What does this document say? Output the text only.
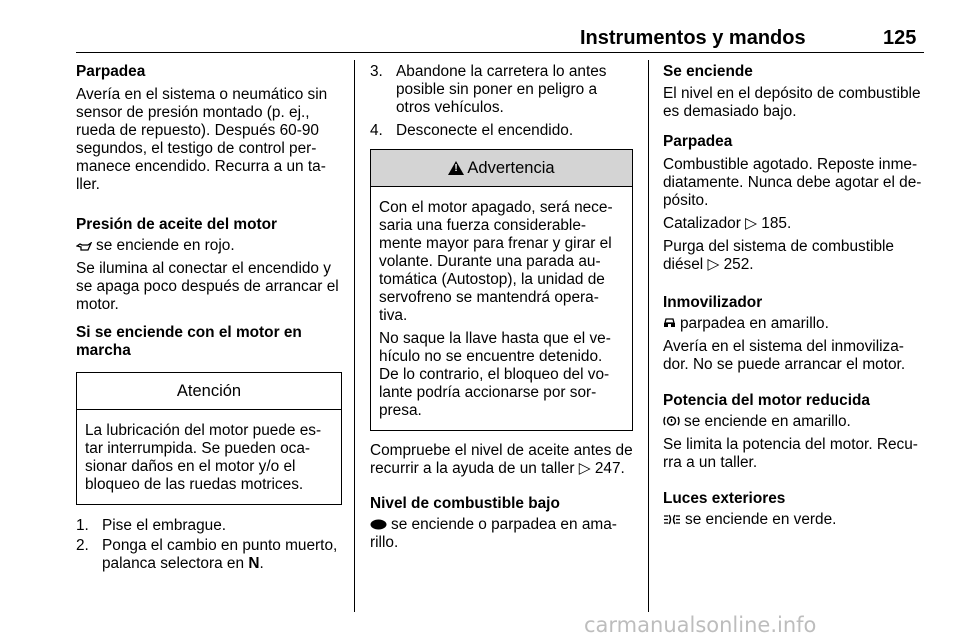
Instrumentos y mandos	125

Parpadea

Avería en el sistema o neumático sin sensor de presión montado (p. ej., rueda de repuesto). Después 60-90 segundos, el testigo de control per- manece encendido. Recurra a un ta- ller.

Presión de aceite del motor

se enciende en rojo.

Se ilumina al conectar el encendido y se apaga poco después de arrancar el motor.

Si se enciende con el motor en marcha

Atención

La lubricación del motor puede es- tar interrumpida. Se pueden oca- sionar daños en el motor y/o el bloqueo de las ruedas motrices.

1. Pise el embrague.
2. Ponga el cambio en punto muerto, palanca selectora en N.
3. Abandone la carretera lo antes posible sin poner en peligro a otros vehículos.
4. Desconecte el encendido.
!
Advertencia

Con el motor apagado, será nece- saria una fuerza considerable- mente mayor para frenar y girar el volante. Durante una parada au- tomática (Autostop), la unidad de servofreno se mantendrá opera- tiva.

No saque la llave hasta que el ve- hículo no se encuentre detenido. De lo contrario, el bloqueo del vo- lante podría accionarse por sor- presa.

Compruebe el nivel de aceite antes de recurrir a la ayuda de un taller ▷ 247.

Nivel de combustible bajo

se enciende o parpadea en ama- rillo.

Se enciende

El nivel en el depósito de combustible es demasiado bajo.

Parpadea

Combustible agotado. Reposte inme- diatamente. Nunca debe agotar el de- pósito.

Catalizador ▷ 185.

Purga del sistema de combustible diésel ▷ 252.

Inmovilizador

parpadea en amarillo.

Avería en el sistema del inmoviliza- dor. No se puede arrancar el motor.

Potencia del motor reducida

se enciende en amarillo.

Se limita la potencia del motor. Recu- rra a un taller.

Luces exteriores

se enciende en verde.

carmanualsonline.info
